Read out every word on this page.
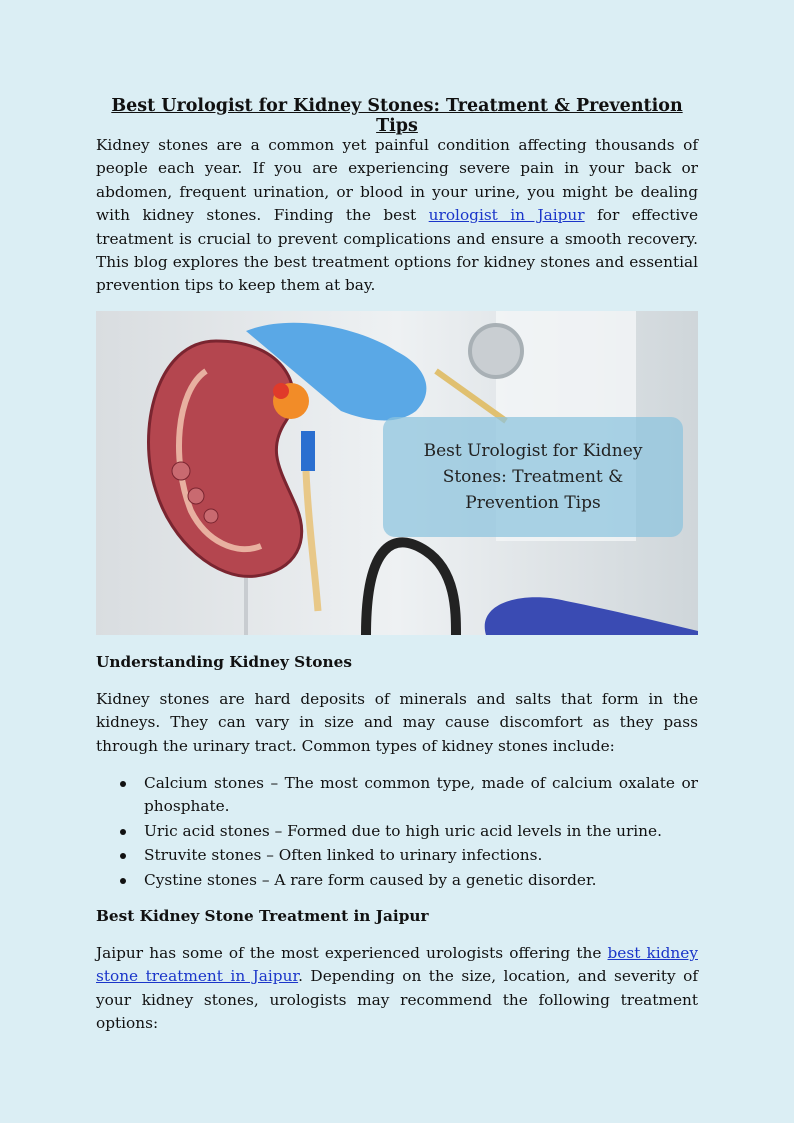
Best Urologist for Kidney Stones: Treatment & Prevention Tips

Kidney stones are a common yet painful condition affecting thousands of people each year. If you are experiencing severe pain in your back or abdomen, frequent urination, or blood in your urine, you might be dealing with kidney stones. Finding the best urologist in Jaipur for effective treatment is crucial to prevent complications and ensure a smooth recovery. This blog explores the best treatment options for kidney stones and essential prevention tips to keep them at bay.

Best Urologist for Kidney Stones: Treatment & Prevention Tips
Understanding Kidney Stones

Kidney stones are hard deposits of minerals and salts that form in the kidneys. They can vary in size and may cause discomfort as they pass through the urinary tract. Common types of kidney stones include:

Calcium stones – The most common type, made of calcium oxalate or phosphate.
Uric acid stones – Formed due to high uric acid levels in the urine.
Struvite stones – Often linked to urinary infections.
Cystine stones – A rare form caused by a genetic disorder.
Best Kidney Stone Treatment in Jaipur

Jaipur has some of the most experienced urologists offering the best kidney stone treatment in Jaipur. Depending on the size, location, and severity of your kidney stones, urologists may recommend the following treatment options:
